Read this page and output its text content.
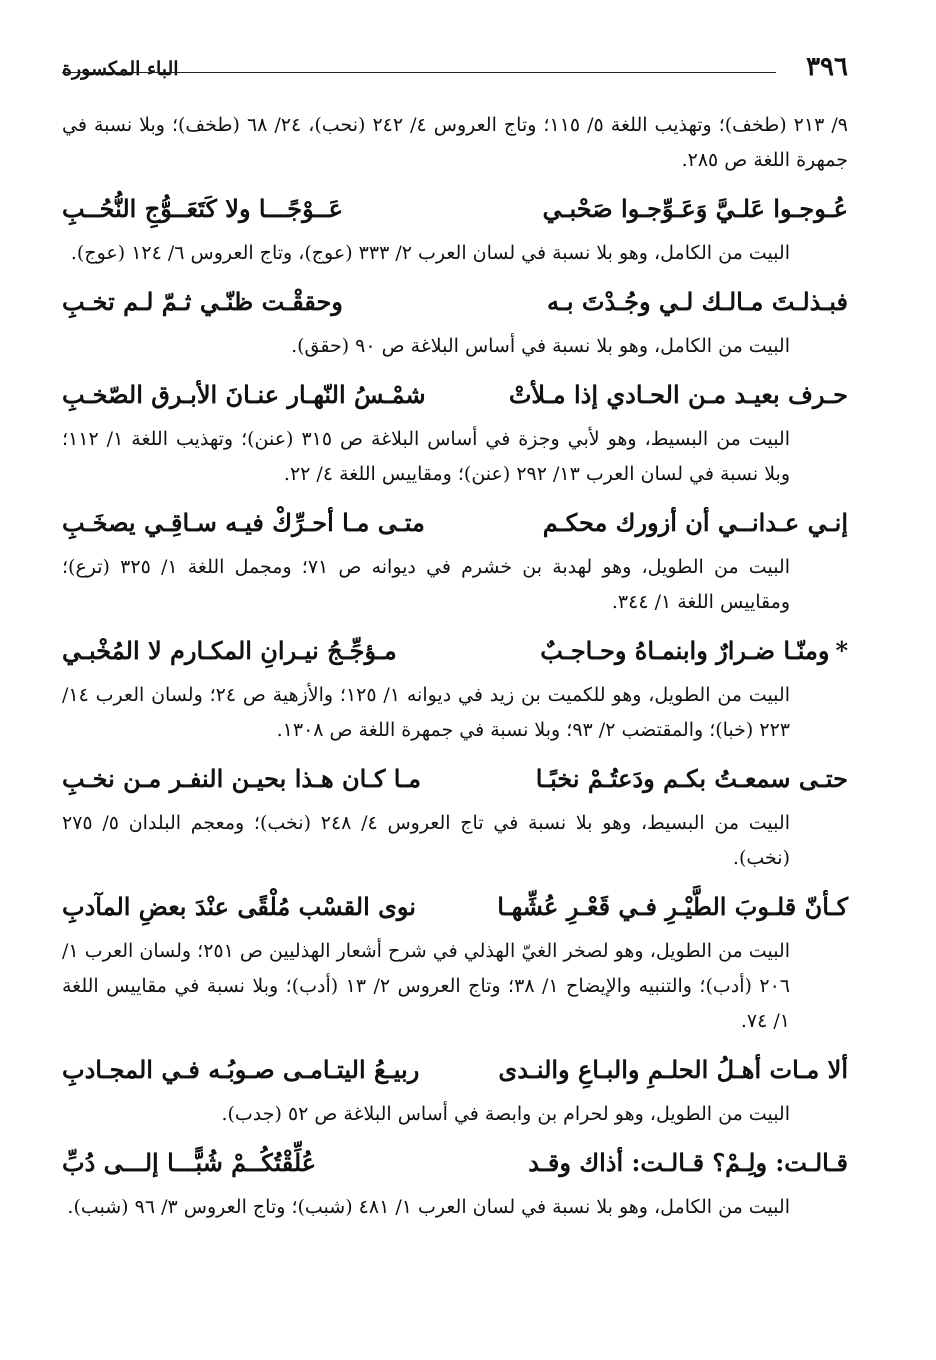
٣٩٦
الباء المكسورة

٩/ ٢١٣ (طخف)؛ وتهذيب اللغة ٥/ ١١٥؛ وتاج العروس ٤/ ٢٤٢ (نحب)، ٢٤/ ٦٨ (طخف)؛ وبلا نسبة في جمهرة اللغة ص ٢٨٥.

عُـوجـوا عَلـيَّ وَعَـوِّجـوا صَحْبـي
عَــوْجًـــا ولا كَتَعَــوُّجِ النُّحُــبِ

البيت من الكامل، وهو بلا نسبة في لسان العرب ٢/ ٣٣٣ (عوج)، وتاج العروس ٦/ ١٢٤ (عوج).

فبـذلـتَ مـالـك لـي وجُـدْتَ بـه
وحققْـت ظنّـي ثـمّ لـم تخـبِ

البيت من الكامل، وهو بلا نسبة في أساس البلاغة ص ٩٠ (حقق).

حـرف بعيـد مـن الحـادي إذا مـلأتْ
شمْـسُ النّهـار عنـانَ الأبـرق الصّخـبِ

البيت من البسيط، وهو لأبي وجزة في أساس البلاغة ص ٣١٥ (عنن)؛ وتهذيب اللغة ١/ ١١٢؛ وبلا نسبة في لسان العرب ١٣/ ٢٩٢ (عنن)؛ ومقاييس اللغة ٤/ ٢٢.

إنـي عـدانــي أن أزورك محكـم
متـى مـا أحـرِّكْ فيـه سـاقِـي يصخَـبِ

البيت من الطويل، وهو لهدبة بن خشرم في ديوانه ص ٧١؛ ومجمل اللغة ١/ ٣٢٥ (ترع)؛ ومقاييس اللغة ١/ ٣٤٤.

*ومنّـا ضـرارٌ وابنمـاهُ وحـاجـبٌ
مـؤجِّـجُ نيـرانِ المكـارم لا المُخْبـي

البيت من الطويل، وهو للكميت بن زيد في ديوانه ١/ ١٢٥؛ والأزهية ص ٢٤؛ ولسان العرب ١٤/ ٢٢٣ (خبا)؛ والمقتضب ٢/ ٩٣؛ وبلا نسبة في جمهرة اللغة ص ١٣٠٨.

حتـى سمعـتُ بكـم ودَعتُـمْ نخبًـا
مـا كـان هـذا بحيـن النفـر مـن نخـبِ

البيت من البسيط، وهو بلا نسبة في تاج العروس ٤/ ٢٤٨ (نخب)؛ ومعجم البلدان ٥/ ٢٧٥ (نخب).

كـأنّ قلـوبَ الطَّيْـرِ فـي قَعْـرِ عُشِّهـا
نوى القسْب مُلْقًى عنْدَ بعضِ المآدبِ

البيت من الطويل، وهو لصخر الغيّ الهذلي في شرح أشعار الهذليين ص ٢٥١؛ ولسان العرب ١/ ٢٠٦ (أدب)؛ والتنبيه والإيضاح ١/ ٣٨؛ وتاج العروس ٢/ ١٣ (أدب)؛ وبلا نسبة في مقاييس اللغة ١/ ٧٤.

ألا مـات أهـلُ الحلـمِ والبـاعِ والنـدى
ربيـعُ اليتـامـى صـوبُـه فـي المجـادبِ

البيت من الطويل، وهو لحرام بن وابصة في أساس البلاغة ص ٥٢ (جدب).

قـالـت: ولِـمْ؟ قـالـت: أذاك وقـد
عُلِّقْتُكُــمْ شُبًّـــا إلـــى دُبِّ

البيت من الكامل، وهو بلا نسبة في لسان العرب ١/ ٤٨١ (شبب)؛ وتاج العروس ٣/ ٩٦ (شبب).
